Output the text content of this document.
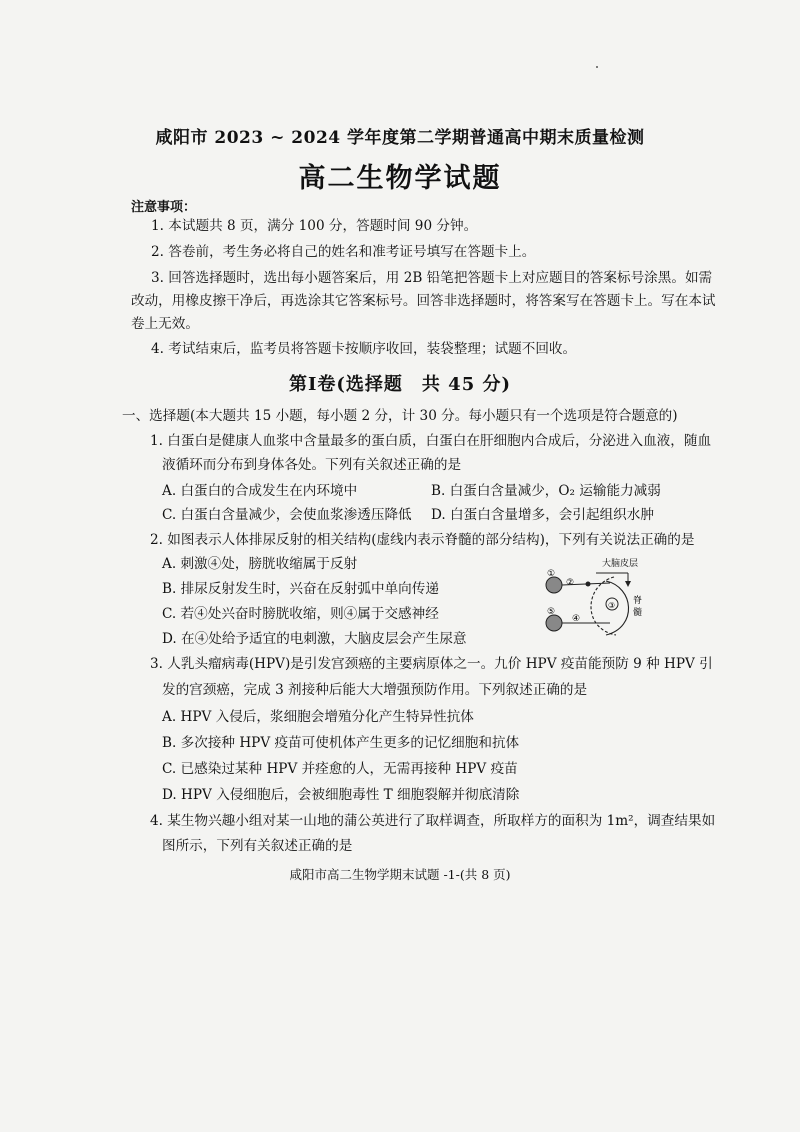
咸阳市 2023 ~ 2024 学年度第二学期普通高中期末质量检测
高二生物学试题
注意事项：
1. 本试题共 8 页，满分 100 分，答题时间 90 分钟。
2. 答卷前，考生务必将自己的姓名和准考证号填写在答题卡上。
3. 回答选择题时，选出每小题答案后，用 2B 铅笔把答题卡上对应题目的答案标号涂黑。如需
改动，用橡皮擦干净后，再选涂其它答案标号。回答非选择题时，将答案写在答题卡上。写在本试
卷上无效。
4. 考试结束后，监考员将答题卡按顺序收回，装袋整理；试题不回收。
第Ⅰ卷(选择题　共 45 分)
一、选择题(本大题共 15 小题，每小题 2 分，计 30 分。每小题只有一个选项是符合题意的)
1. 白蛋白是健康人血浆中含量最多的蛋白质，白蛋白在肝细胞内合成后，分泌进入血液，随血
液循环而分布到身体各处。下列有关叙述正确的是
A. 白蛋白的合成发生在内环境中	B. 白蛋白含量减少，O₂ 运输能力减弱
C. 白蛋白含量减少，会使血浆渗透压降低 D. 白蛋白含量增多，会引起组织水肿
2. 如图表示人体排尿反射的相关结构(虚线内表示脊髓的部分结构)，下列有关说法正确的是
A. 刺激④处，膀胱收缩属于反射
B. 排尿反射发生时，兴奋在反射弧中单向传递
C. 若④处兴奋时膀胱收缩，则④属于交感神经
D. 在④处给予适宜的电刺激，大脑皮层会产生尿意
大脑皮层
脊
髓
①
②
③
⑤
④
3. 人乳头瘤病毒(HPV)是引发宫颈癌的主要病原体之一。九价 HPV 疫苗能预防 9 种 HPV 引
发的宫颈癌，完成 3 剂接种后能大大增强预防作用。下列叙述正确的是
A. HPV 入侵后，浆细胞会增殖分化产生特异性抗体
B. 多次接种 HPV 疫苗可使机体产生更多的记忆细胞和抗体
C. 已感染过某种 HPV 并痊愈的人，无需再接种 HPV 疫苗
D. HPV 入侵细胞后，会被细胞毒性 T 细胞裂解并彻底清除
4. 某生物兴趣小组对某一山地的蒲公英进行了取样调查，所取样方的面积为 1m²，调查结果如
图所示，下列有关叙述正确的是
咸阳市高二生物学期末试题 -1-(共 8 页)
